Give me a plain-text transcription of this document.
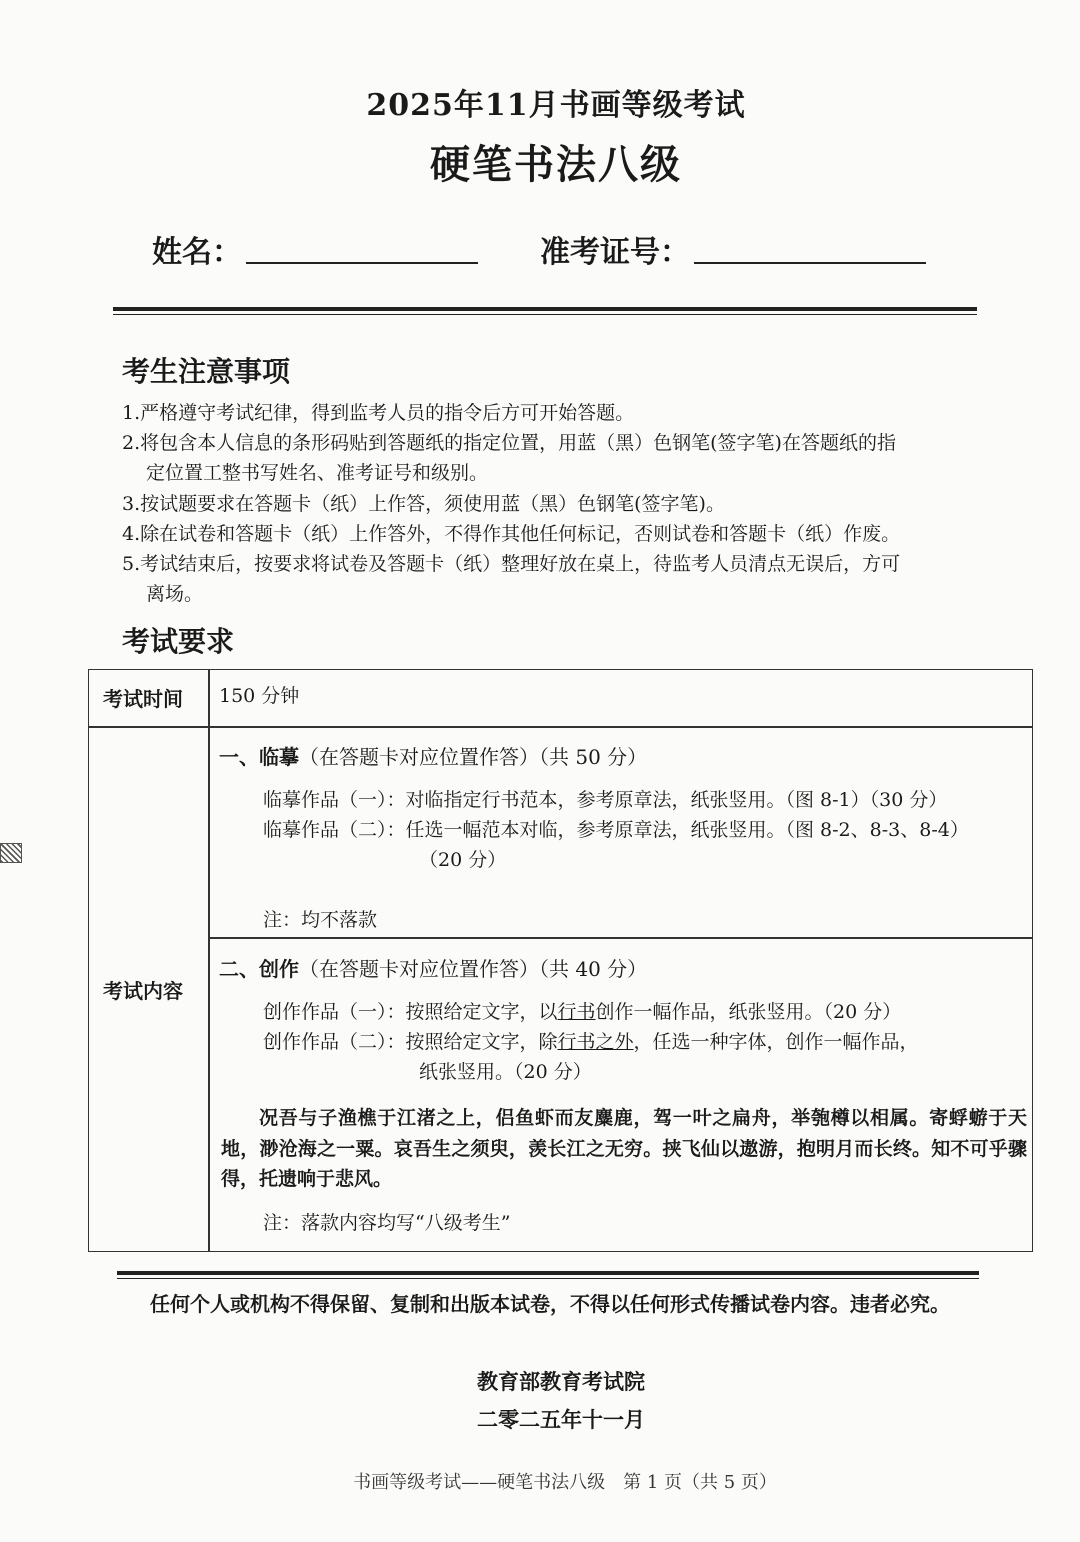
2025年11月书画等级考试
硬笔书法八级
姓名：	准考证号：
考生注意事项

1.严格遵守考试纪律，得到监考人员的指令后方可开始答题。

2.将包含本人信息的条形码贴到答题纸的指定位置，用蓝（黑）色钢笔(签字笔)在答题纸的指

定位置工整书写姓名、准考证号和级别。

3.按试题要求在答题卡（纸）上作答，须使用蓝（黑）色钢笔(签字笔)。

4.除在试卷和答题卡（纸）上作答外，不得作其他任何标记，否则试卷和答题卡（纸）作废。

5.考试结束后，按要求将试卷及答题卡（纸）整理好放在桌上，待监考人员清点无误后，方可

离场。

考试要求
考试时间 150 分钟
考试内容
一、临摹（在答题卡对应位置作答）（共 50 分）
临摹作品（一）：对临指定行书范本，参考原章法，纸张竖用。（图 8-1）（30 分）
临摹作品（二）：任选一幅范本对临，参考原章法，纸张竖用。（图 8-2、8-3、8-4）
（20 分）
注：均不落款
二、创作（在答题卡对应位置作答）（共 40 分）
创作作品（一）：按照给定文字，以行书创作一幅作品，纸张竖用。（20 分）
创作作品（二）：按照给定文字，除行书之外，任选一种字体，创作一幅作品，
纸张竖用。（20 分）
况吾与子渔樵于江渚之上，侣鱼虾而友麋鹿，驾一叶之扁舟，举匏樽以相属。寄蜉蝣于天地，渺沧海之一粟。哀吾生之须臾，羡长江之无穷。挟飞仙以遨游，抱明月而长终。知不可乎骤得，托遗响于悲风。
注：落款内容均写“八级考生”
任何个人或机构不得保留、复制和出版本试卷，不得以任何形式传播试卷内容。违者必究。
教育部教育考试院
二零二五年十一月
书画等级考试——硬笔书法八级　第 1 页（共 5 页）
